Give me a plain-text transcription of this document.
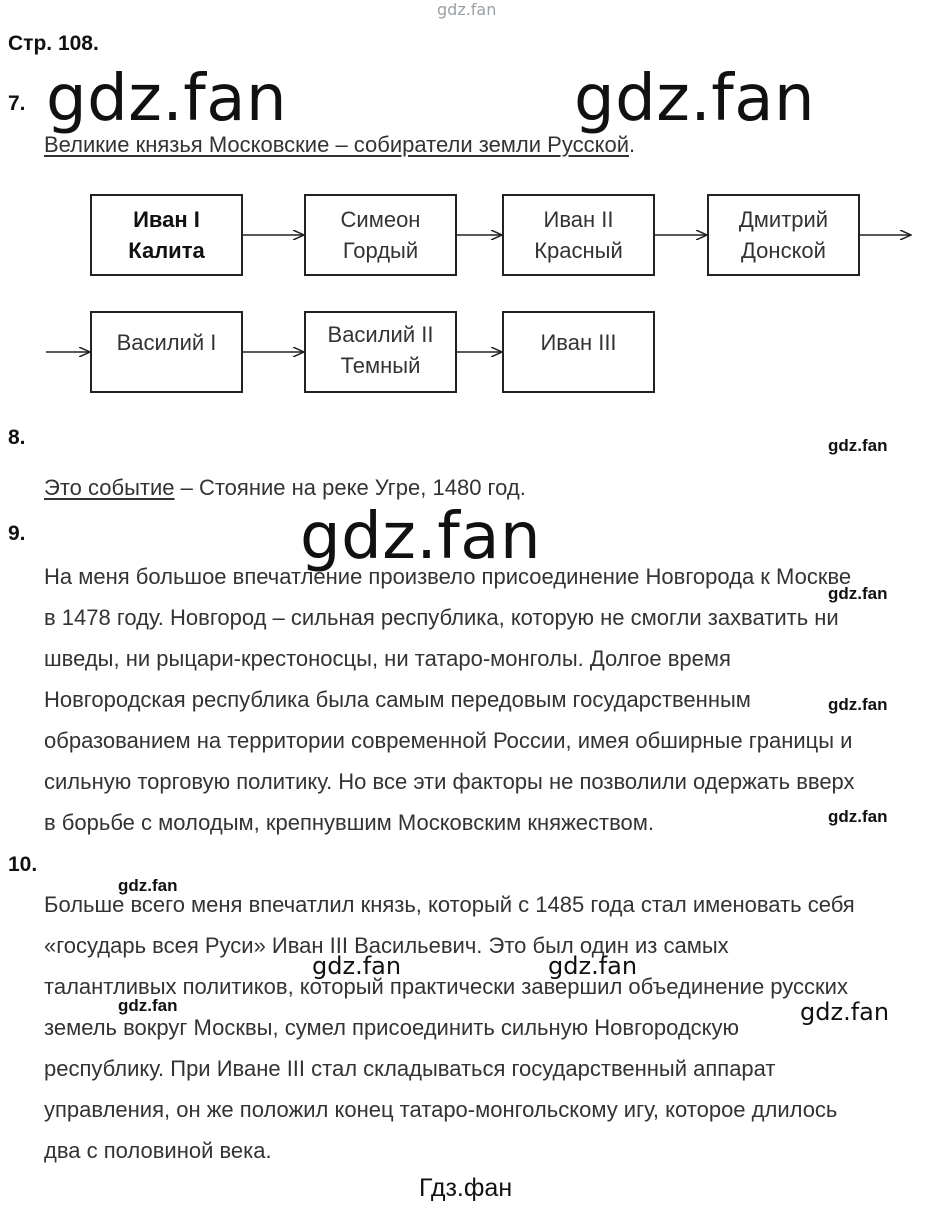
gdz.fan
Стр. 108.
7. gdz.fan	gdz.fan
Великие князья Московские – собиратели земли Русской.
Иван I
Калита
Симеон
Гордый
Иван II
Красный
Дмитрий
Донской
Василий I	Василий II
Темный
Иван III
8.	gdz.fan
Это событие – Стояние на реке Угре, 1480 год.
gdz.fan
9.
На меня большое впечатление произвело присоединение Новгорода к Москве
в 1478 году. Новгород – сильная республика, которую не смогли захватить ни
шведы, ни рыцари-крестоносцы, ни татаро-монголы. Долгое время
Новгородская республика была самым передовым государственным
образованием на территории современной России, имея обширные границы и
сильную торговую политику. Но все эти факторы не позволили одержать вверх
в борьбе с молодым, крепнувшим Московским княжеством.
gdz.fan
gdz.fan
gdz.fan
10.
Больше всего меня впечатлил князь, который с 1485 года стал именовать себя
«государь всея Руси» Иван III Васильевич. Это был один из самых
талантливых политиков, который практически завершил объединение русских
земель вокруг Москвы, сумел присоединить сильную Новгородскую
республику. При Иване III стал складываться государственный аппарат
управления, он же положил конец татаро-монгольскому игу, которое длилось
два с половиной века.
gdz.fan
gdz.fan	gdz.fan
gdz.fan	gdz.fan
Гдз.фан
